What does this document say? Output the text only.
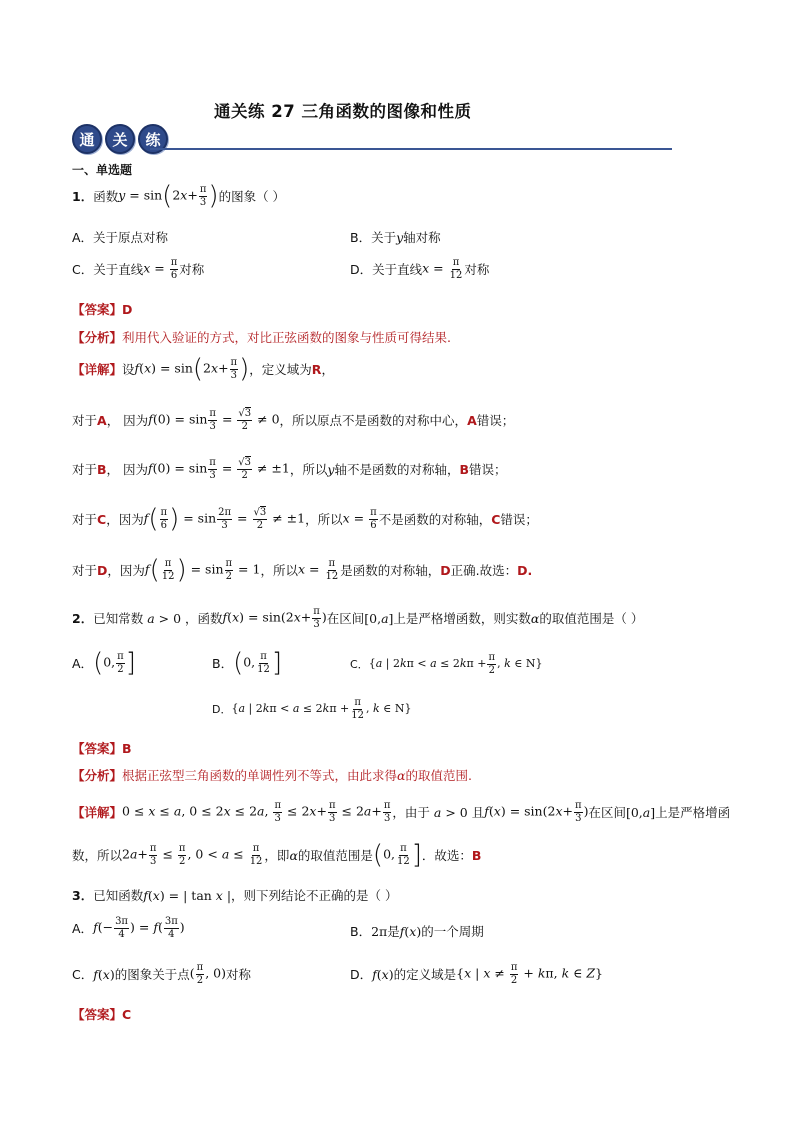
通关练 27 三角函数的图像和性质
通	关	练
一、单选题
1． 函数 $y = \sin(2x+ \frac{\pi}{3}$ ) 的图象（ ）
A．关于原点对称	B．关于 y 轴对称
C．关于直线 $x = \frac{\pi}{6}$ 对称	D．关于直线 $x = \frac{\pi}{12}$ 对称
【答案】D
【分析】利用代入验证的方式，对比正弦函数的图象与性质可得结果.
【详解】 设 $f(x) = \sin(2x+ \frac{\pi}{3}$ ) ，定义域为 R ，
对于 A ， 因为 $f(0) = \sin \frac{\pi}{3} = \frac{√3}{2} \ne 0$ ，所以原点不是函数的对称中心， A 错误；
对于 B ， 因为 $f(0) = \sin \frac{\pi}{3} = \frac{√3}{2} \ne \pm 1$ ，所以 y 轴不是函数的对称轴， B 错误；
对于 C ，因为 $f( \frac{\pi}{6}$ ) = $\sin \frac{2\pi}{3} = \frac{√3}{2} \ne \pm 1$ ，所以 $x = \frac{\pi}{6}$ 不是函数的对称轴， C 错误；
对于 D ，因为 $f( \frac{\pi}{12}$ ) = $\sin \frac{\pi}{2} = 1$ ，所以 $x = \frac{\pi}{12}$ 是函数的对称轴， D 正确.故选： D.
2． 已知常数 a > 0 ，函数 $f(x) = \sin(2x+ \frac{\pi}{3}$ ) 在区间 [0,a] 上是严格增函数，则实数 α 的取值范围是（ ）
A． (0, $\frac{\pi}{2}$ ]	B． (0, $\frac{\pi}{12}$ ]	C． {a | $2k\pi < a \le 2k\pi + \frac{\pi}{2}$ , k ∈ N}
D． {a | $2k\pi < a \le 2k\pi + \frac{\pi}{12}$ , k ∈ N}
【答案】B
【分析】 根据正弦型三角函数的单调性列不等式，由此求得 α 的取值范围.
【详解】 0 ≤ x ≤ a, 0 ≤ 2x ≤ 2a, $\frac{\pi}{3} \le 2x+ \frac{\pi}{3} \le 2a+ \frac{\pi}{3}$ ，由于 a > 0 且 $f(x) = \sin(2x+ \frac{\pi}{3}$ ) 在区间 [0,a] 上是严格增函
数，所以 $2a+ \frac{\pi}{3} \le \frac{\pi}{2}$ , $0 < a \le \frac{\pi}{12}$ ，即 α 的取值范围是 (0, $\frac{\pi}{12}$ ] ．故选： B
3． 已知函数 f(x) = | tan x | ，则下列结论不正确的是（ ）
A． $f(- \frac{3\pi}{4}$ ) = $f( \frac{3\pi}{4}$ )	B． 2π 是 f(x) 的一个周期
C． f(x) 的图象关于点 ( $\frac{\pi}{2}$ , 0) 对称	D． f(x) 的定义域是 {x | $x \ne \frac{\pi}{2} + k\pi$, k ∈ Z}
【答案】C
